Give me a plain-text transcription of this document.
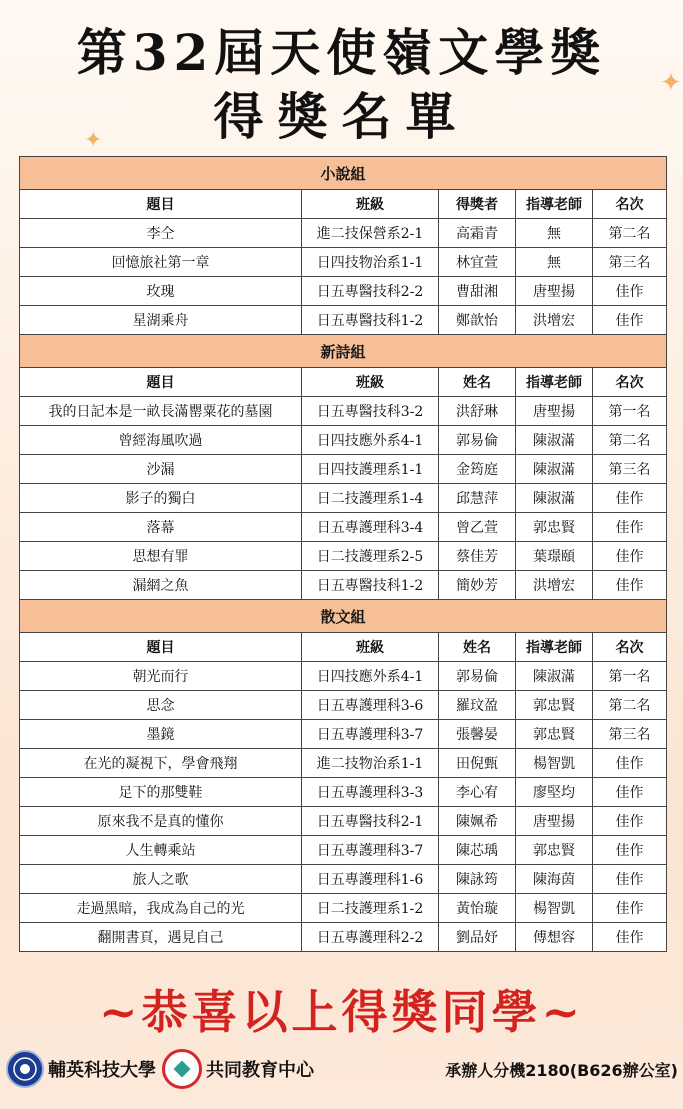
✦
✦
第32屆天使嶺文學獎
得獎名單
小說組				
題目	班級	得獎者	指導老師	名次
李仝	進二技保營系2-1	高霜青	無	第二名
回憶旅社第一章	日四技物治系1-1	林宜萱	無	第三名
玫瑰	日五專醫技科2-2	曹甜湘	唐聖揚	佳作
星湖乘舟	日五專醫技科1-2	鄭歆怡	洪增宏	佳作
新詩組				
題目	班級	姓名	指導老師	名次
我的日記本是一畝長滿罌粟花的墓園	日五專醫技科3-2	洪舒琳	唐聖揚	第一名
曾經海風吹過	日四技應外系4-1	郭易倫	陳淑滿	第二名
沙漏	日四技護理系1-1	金筠庭	陳淑滿	第三名
影子的獨白	日二技護理系1-4	邱慧萍	陳淑滿	佳作
落幕	日五專護理科3-4	曾乙萱	郭忠賢	佳作
思想有罪	日二技護理系2-5	蔡佳芳	葉璟頤	佳作
漏網之魚	日五專醫技科1-2	簡妙芳	洪增宏	佳作
散文組				
題目	班級	姓名	指導老師	名次
朝光而行	日四技應外系4-1	郭易倫	陳淑滿	第一名
思念	日五專護理科3-6	羅玟盈	郭忠賢	第二名
墨鏡	日五專護理科3-7	張馨晏	郭忠賢	第三名
在光的凝視下，學會飛翔	進二技物治系1-1	田倪甄	楊智凱	佳作
足下的那雙鞋	日五專護理科3-3	李心宥	廖堅均	佳作
原來我不是真的懂你	日五專醫技科2-1	陳姵希	唐聖揚	佳作
人生轉乘站	日五專護理科3-7	陳芯瑀	郭忠賢	佳作
旅人之歌	日五專護理科1-6	陳詠筠	陳海茵	佳作
走過黑暗，我成為自己的光	日二技護理系1-2	黃怡璇	楊智凱	佳作
翻開書頁，遇見自己	日五專護理科2-2	劉品妤	傅想容	佳作
~恭喜以上得獎同學~
輔英科技大學	共同教育中心	承辦人分機2180(B626辦公室)
